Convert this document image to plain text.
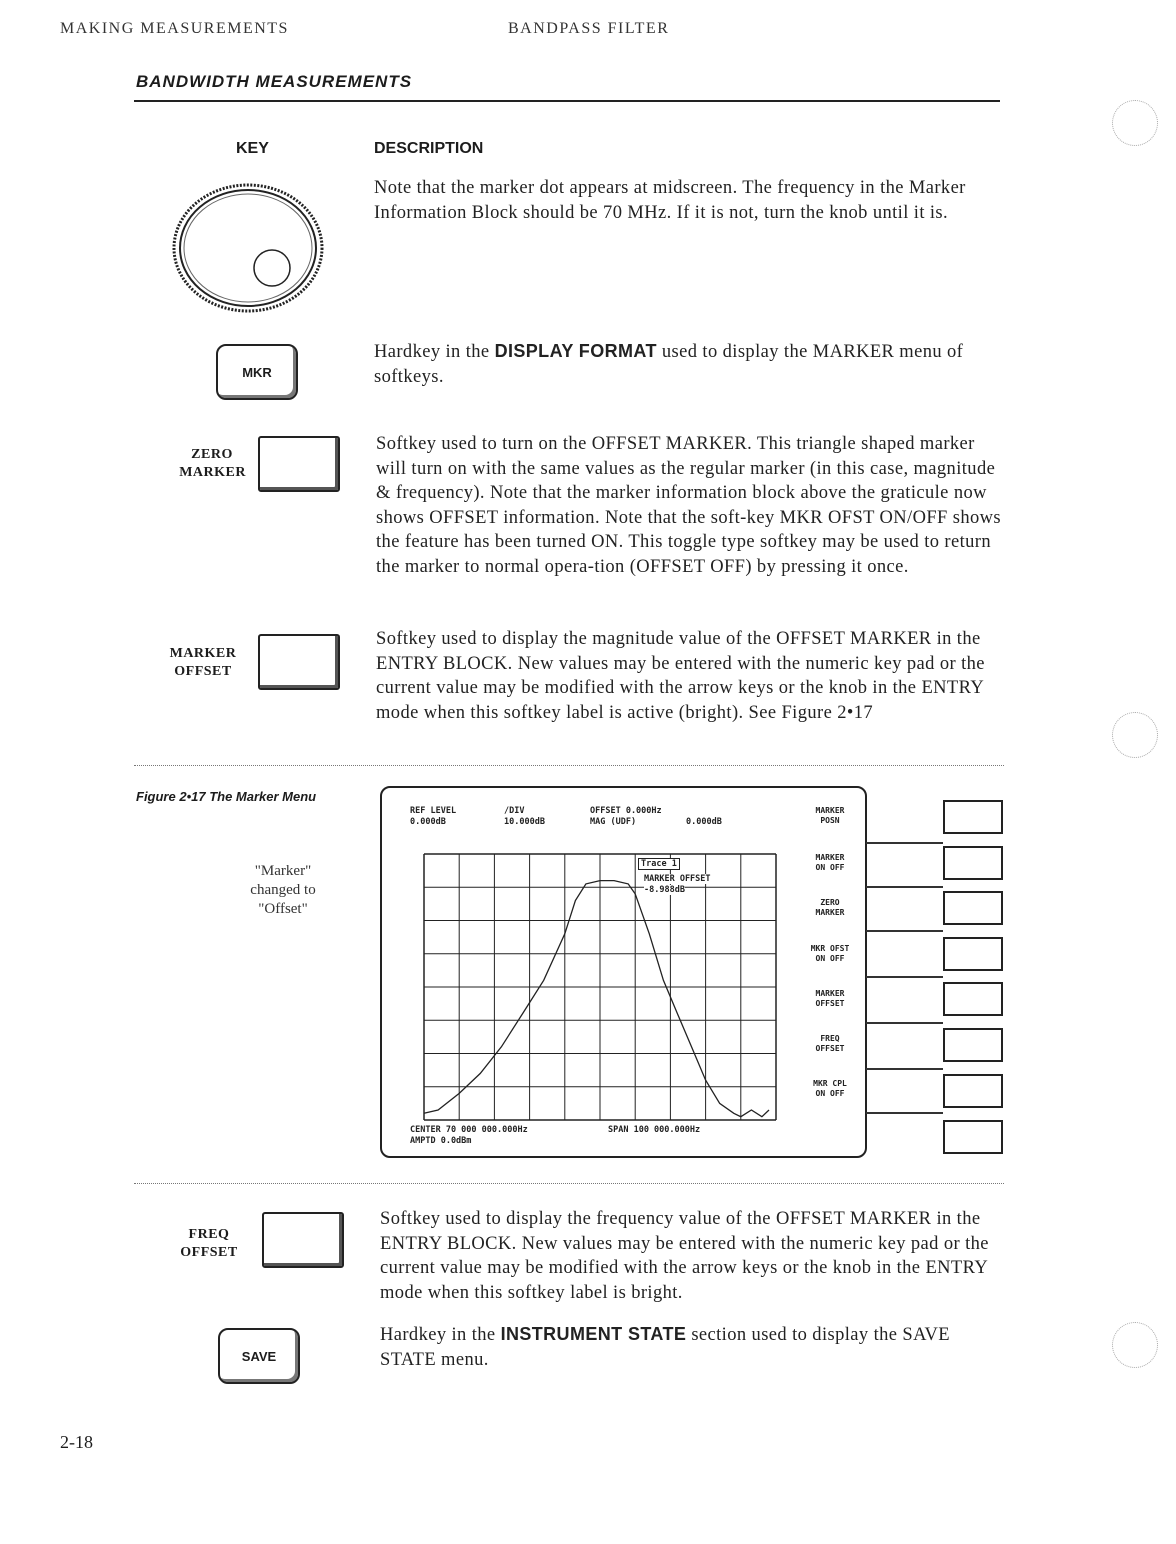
MAKING MEASUREMENTS	BANDPASS FILTER
BANDWIDTH MEASUREMENTS
KEY	DESCRIPTION
Note that the marker dot appears at midscreen. The frequency in the Marker Information Block should be 70 MHz. If it is not, turn the knob until it is.
MKR
Hardkey in the DISPLAY FORMAT used to display the MARKER menu of softkeys.
ZERO
MARKER
Softkey used to turn on the OFFSET MARKER. This triangle shaped marker will turn on with the same values as the regular marker (in this case, magnitude & frequency). Note that the marker information block above the graticule now shows OFFSET information. Note that the soft-key MKR OFST ON/OFF shows the feature has been turned ON. This toggle type softkey may be used to return the marker to normal opera-tion (OFFSET OFF) by pressing it once.
MARKER
OFFSET
Softkey used to display the magnitude value of the OFFSET MARKER in the ENTRY BLOCK. New values may be entered with the numeric key pad or the current value may be modified with the arrow keys or the knob in the ENTRY mode when this softkey label is active (bright). See Figure 2•17
Figure 2•17 The Marker Menu
"Marker"
changed to
"Offset"
REF LEVEL
0.000dB
/DIV
10.000dB
OFFSET 0.000Hz
MAG (UDF)	0.000dB
Trace 1
MARKER OFFSET
-8.988dB
CENTER 70 000 000.000Hz	SPAN 100 000.000Hz
AMPTD 0.0dBm
MARKER
POSN
MARKER
ON OFF
ZERO
MARKER
MKR OFST
ON OFF
MARKER
OFFSET
FREQ
OFFSET
MKR CPL
ON OFF
FREQ
OFFSET
Softkey used to display the frequency value of the OFFSET MARKER in the ENTRY BLOCK. New values may be entered with the numeric key pad or the current value may be modified with the arrow keys or the knob in the ENTRY mode when this softkey label is bright.
SAVE
Hardkey in the INSTRUMENT STATE section used to display the SAVE STATE menu.
2-18
